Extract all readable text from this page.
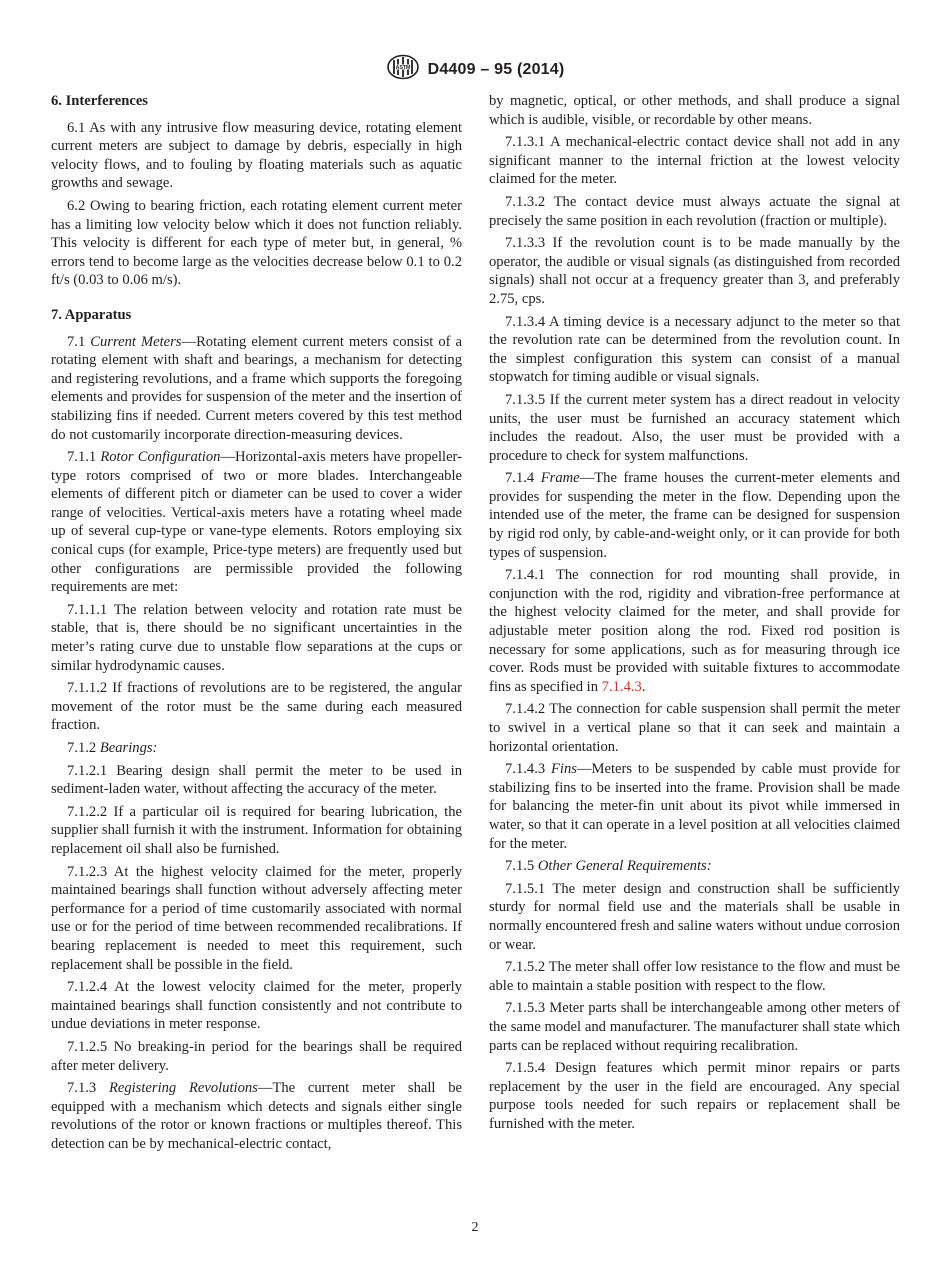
ASTM D4409 – 95 (2014)
6. Interferences

6.1 As with any intrusive flow measuring device, rotating element current meters are subject to damage by debris, especially in high velocity flows, and to fouling by floating materials such as aquatic growths and sewage.

6.2 Owing to bearing friction, each rotating element current meter has a limiting low velocity below which it does not function reliably. This velocity is different for each type of meter but, in general, % errors tend to become large as the velocities decrease below 0.1 to 0.2 ft/s (0.03 to 0.06 m/s).

7. Apparatus

7.1 Current Meters—Rotating element current meters consist of a rotating element with shaft and bearings, a mechanism for detecting and registering revolutions, and a frame which supports the foregoing elements and provides for suspension of the meter and the insertion of stabilizing fins if needed. Current meters covered by this test method do not customarily incorporate direction-measuring devices.

7.1.1 Rotor Configuration—Horizontal-axis meters have propeller-type rotors comprised of two or more blades. Interchangeable elements of different pitch or diameter can be used to cover a wider range of velocities. Vertical-axis meters have a rotating wheel made up of several cup-type or vane-type elements. Rotors employing six conical cups (for example, Price-type meters) are frequently used but other configurations are permissible provided the following requirements are met:

7.1.1.1 The relation between velocity and rotation rate must be stable, that is, there should be no significant uncertainties in the meter’s rating curve due to unstable flow separations at the cups or similar hydrodynamic causes.

7.1.1.2 If fractions of revolutions are to be registered, the angular movement of the rotor must be the same during each measured fraction.

7.1.2 Bearings:

7.1.2.1 Bearing design shall permit the meter to be used in sediment-laden water, without affecting the accuracy of the meter.

7.1.2.2 If a particular oil is required for bearing lubrication, the supplier shall furnish it with the instrument. Information for obtaining replacement oil shall also be furnished.

7.1.2.3 At the highest velocity claimed for the meter, properly maintained bearings shall function without adversely affecting meter performance for a period of time customarily associated with normal use or for the period of time between recommended recalibrations. If bearing replacement is needed to meet this requirement, such replacement shall be possible in the field.

7.1.2.4 At the lowest velocity claimed for the meter, properly maintained bearings shall function consistently and not contribute to undue deviations in meter response.

7.1.2.5 No breaking-in period for the bearings shall be required after meter delivery.

7.1.3 Registering Revolutions—The current meter shall be equipped with a mechanism which detects and signals either single revolutions of the rotor or known fractions or multiples thereof. This detection can be by mechanical-electric contact,

by magnetic, optical, or other methods, and shall produce a signal which is audible, visible, or recordable by other means.

7.1.3.1 A mechanical-electric contact device shall not add in any significant manner to the internal friction at the lowest velocity claimed for the meter.

7.1.3.2 The contact device must always actuate the signal at precisely the same position in each revolution (fraction or multiple).

7.1.3.3 If the revolution count is to be made manually by the operator, the audible or visual signals (as distinguished from recorded signals) shall not occur at a frequency greater than 3, and preferably 2.75, cps.

7.1.3.4 A timing device is a necessary adjunct to the meter so that the revolution rate can be determined from the revolution count. In the simplest configuration this system can consist of a manual stopwatch for timing audible or visual signals.

7.1.3.5 If the current meter system has a direct readout in velocity units, the user must be furnished an accuracy statement which includes the readout. Also, the user must be provided with a procedure to check for system malfunctions.

7.1.4 Frame—The frame houses the current-meter elements and provides for suspending the meter in the flow. Depending upon the intended use of the meter, the frame can be designed for suspension by rigid rod only, by cable-and-weight only, or it can provide for both types of suspension.

7.1.4.1 The connection for rod mounting shall provide, in conjunction with the rod, rigidity and vibration-free performance at the highest velocity claimed for the meter, and shall provide for adjustable meter position along the rod. Fixed rod position is necessary for some applications, such as for measuring through ice cover. Rods must be provided with suitable fixtures to accommodate fins as specified in 7.1.4.3.

7.1.4.2 The connection for cable suspension shall permit the meter to swivel in a vertical plane so that it can seek and maintain a horizontal orientation.

7.1.4.3 Fins—Meters to be suspended by cable must provide for stabilizing fins to be inserted into the frame. Provision shall be made for balancing the meter-fin unit about its pivot while immersed in water, so that it can operate in a level position at all velocities claimed for the meter.

7.1.5 Other General Requirements:

7.1.5.1 The meter design and construction shall be sufficiently sturdy for normal field use and the materials shall be usable in normally encountered fresh and saline waters without undue corrosion or wear.

7.1.5.2 The meter shall offer low resistance to the flow and must be able to maintain a stable position with respect to the flow.

7.1.5.3 Meter parts shall be interchangeable among other meters of the same model and manufacturer. The manufacturer shall state which parts can be replaced without requiring recalibration.

7.1.5.4 Design features which permit minor repairs or parts replacement by the user in the field are encouraged. Any special purpose tools needed for such repairs or replacement shall be furnished with the meter.

2
